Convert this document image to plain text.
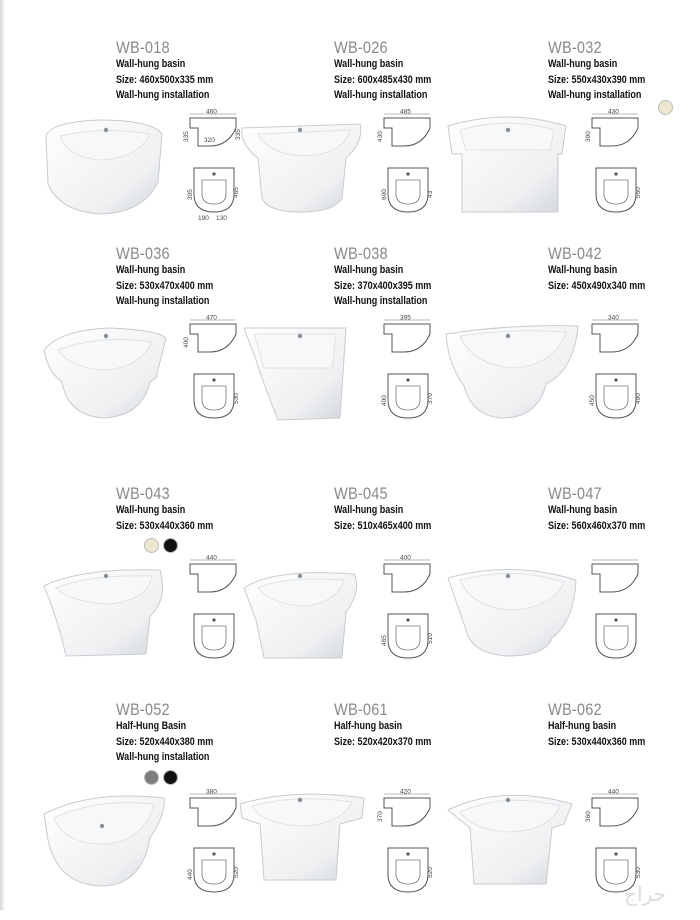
WB-018
Wall-hung basin
Size: 460x500x335 mm
Wall-hung installation
460
335 320
335
465
305
190 130
WB-026
Wall-hung basin
Size: 600x485x430 mm
Wall-hung installation
485
430
43
600
WB-032
Wall-hung basin
Size: 550x430x390 mm
Wall-hung installation
430
390
550
WB-036
Wall-hung basin
Size: 530x470x400 mm
Wall-hung installation
470
400
530
WB-038
Wall-hung basin
Size: 370x400x395 mm
Wall-hung installation
395
370
400
WB-042
Wall-hung basin
Size: 450x490x340 mm
340
490
450
WB-043
Wall-hung basin
Size: 530x440x360 mm
440
WB-045
Wall-hung basin
Size: 510x465x400 mm
400
510
465
WB-047
Wall-hung basin
Size: 560x460x370 mm
WB-052
Half-Hung Basin
Size: 520x440x380 mm
Wall-hung installation
380
520
440
WB-061
Half-hung basin
Size: 520x420x370 mm
420
370
520
WB-062
Half-hung basin
Size: 530x440x360 mm
440
360
530
حراج
